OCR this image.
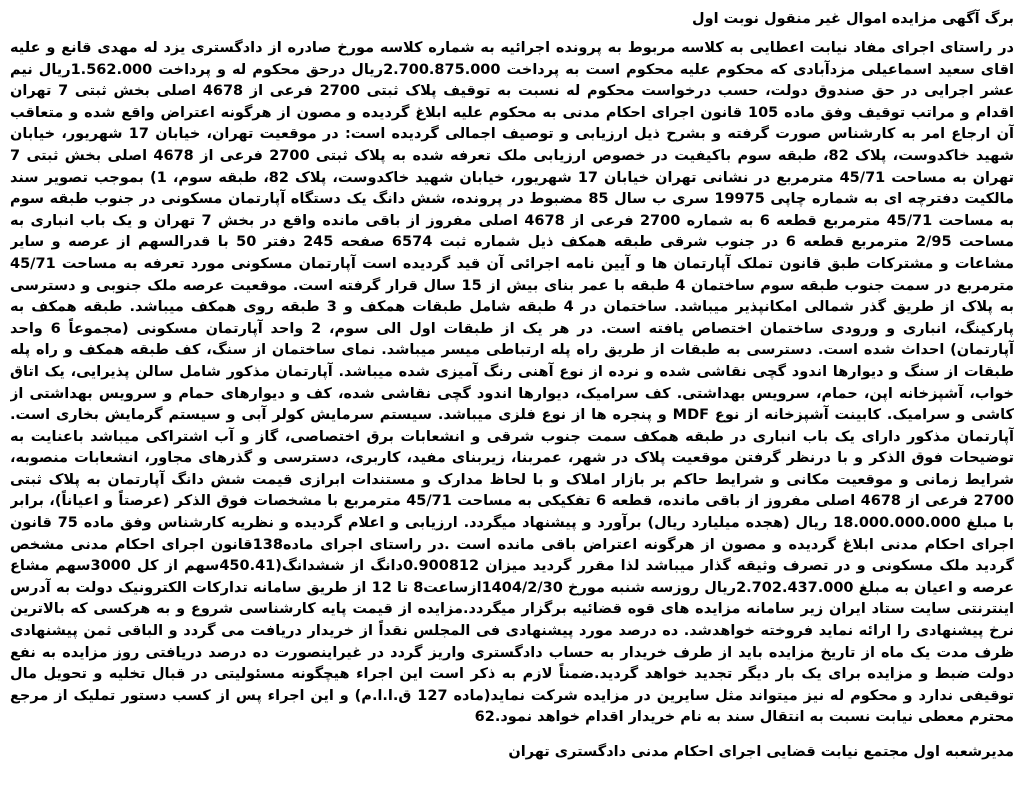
برگ آگهی مزایده اموال غیر منقول نوبت اول

در راستای اجرای مفاد نیابت اعطایی به کلاسه مربوط به پرونده اجرائیه به شماره کلاسه مورخ صادره از دادگستری یزد له مهدی قانع و علیه اقای سعید اسماعیلی مزدآبادی که محکوم علیه محکوم است به پرداخت 2.700.875.000ریال درحق محکوم له و پرداخت 1.562.000ریال نیم عشر اجرایی در حق صندوق دولت، حسب درخواست محکوم له نسبت به توقیف پلاک ثبتی 2700 فرعی از 4678 اصلی بخش ثبتی 7 تهران اقدام و مراتب توقیف وفق ماده 105 قانون اجرای احکام مدنی به محکوم علیه ابلاغ گردیده و مصون از هرگونه اعتراض واقع شده و متعاقب آن ارجاع امر به کارشناس صورت گرفته و بشرح ذیل ارزیابی و توصیف اجمالی گردیده است: در موقعیت تهران، خیابان 17 شهریور، خیابان شهید خاکدوست، پلاک 82، طبقه سوم باکیفیت در خصوص ارزیابی ملک تعرفه شده به پلاک ثبتی 2700 فرعی از 4678 اصلی بخش ثبتی 7 تهران به مساحت 45/71 مترمربع در نشانی تهران خیابان 17 شهریور، خیابان شهید خاکدوست، پلاک 82، طبقه سوم، 1) بموجب تصویر سند مالکیت دفترچه ای به شماره چاپی 19975 سری ب سال 85 مضبوط در پرونده، شش دانگ یک دستگاه آپارتمان مسکونی در جنوب طبقه سوم به مساحت 45/71 مترمربع قطعه 6 به شماره 2700 فرعی از 4678 اصلی مفروز از باقی مانده واقع در بخش 7 تهران و یک باب انباری به مساحت 2/95 مترمربع قطعه 6 در جنوب شرقی طبقه همکف ذیل شماره ثبت 6574 صفحه 245 دفتر 50 با قدرالسهم از عرصه و سایر مشاعات و مشترکات طبق قانون تملک آپارتمان ها و آیین نامه اجرائی آن قید گردیده است آپارتمان مسکونی مورد تعرفه به مساحت 45/71 مترمربع در سمت جنوب طبقه سوم ساختمان 4 طبقه با عمر بنای بیش از 15 سال قرار گرفته است. موقعیت عرصه ملک جنوبی و دسترسی به پلاک از طریق گذر شمالی امکانپذیر میباشد. ساختمان در 4 طبقه شامل طبقات همکف و 3 طبقه روی همکف میباشد. طبقه همکف به پارکینگ، انباری و ورودی ساختمان اختصاص یافته است. در هر یک از طبقات اول الی سوم، 2 واحد آپارتمان مسکونی (مجموعاً 6 واحد آپارتمان) احداث شده است. دسترسی به طبقات از طریق راه پله ارتباطی میسر میباشد. نمای ساختمان از سنگ، کف طبقه همکف و راه پله طبقات از سنگ و دیوارها اندود گچی نقاشی شده و نرده از نوع آهنی رنگ آمیزی شده میباشد. آپارتمان مذکور شامل سالن پذیرایی، یک اتاق خواب، آشپزخانه اپن، حمام، سرویس بهداشتی. کف سرامیک، دیوارها اندود گچی نقاشی شده، کف و دیوارهای حمام و سرویس بهداشتی از کاشی و سرامیک. کابینت آشپزخانه از نوع MDF و پنجره ها از نوع فلزی میباشد. سیستم سرمایش کولر آبی و سیستم گرمایش بخاری است. آپارتمان مذکور دارای یک باب انباری در طبقه همکف سمت جنوب شرقی و انشعابات برق اختصاصی، گاز و آب اشتراکی میباشد باعنایت به توضیحات فوق الذکر و با درنظر گرفتن موقعیت پلاک در شهر، عمربنا، زیربنای مفید، کاربری، دسترسی و گذرهای مجاور، انشعابات منصوبه، شرایط زمانی و موقعیت مکانی و شرایط حاکم بر بازار املاک و با لحاظ مدارک و مستندات ابرازی قیمت شش دانگ آپارتمان به پلاک ثبتی 2700 فرعی از 4678 اصلی مفروز از باقی مانده، قطعه 6 تفکیکی به مساحت 45/71 مترمربع با مشخصات فوق الذکر (عرصتاً و اعیاناً)، برابر با مبلغ 18.000.000.000 ریال (هجده میلیارد ریال) برآورد و پیشنهاد میگردد. ارزیابی و اعلام گردیده و نظریه کارشناس وفق ماده 75 قانون اجرای احکام مدنی ابلاغ گردیده و مصون از هرگونه اعتراض باقی مانده است .در راستای اجرای ماده138قانون اجرای احکام مدنی مشخص گردید ملک مسکونی و در تصرف وثیقه گذار میباشد لذا مقرر گردید میزان 0.900812دانگ از ششدانگ(450.41سهم از کل 3000سهم مشاع عرصه و اعیان به مبلغ 2.702.437.000ریال روزسه شنبه مورخ 1404/2/30ازساعت8 تا 12 از طریق سامانه تدارکات الکترونیک دولت به آدرس اینترنتی سایت ستاد ایران زیر سامانه مزایده های قوه قضائیه برگزار میگردد.مزایده از قیمت پایه کارشناسی شروع و به هرکسی که بالاترین نرخ پیشنهادی را ارائه نماید فروخته خواهدشد. ده درصد مورد پیشنهادی فی المجلس نقداً از خریدار دریافت می گردد و الباقی ثمن پیشنهادی ظرف مدت یک ماه از تاریخ مزایده باید از طرف خریدار به حساب دادگستری واریز گردد در غیراینصورت ده درصد دریافتی روز مزایده به نفع دولت ضبط و مزایده برای یک بار دیگر تجدید خواهد گردید.ضمناً لازم به ذکر است این اجراء هیچگونه مسئولیتی در قبال تخلیه و تحویل مال توقیفی ندارد و محکوم له نیز میتواند مثل سایرین در مزایده شرکت نماید(ماده 127 ق.ا.ا.م) و این اجراء پس از کسب دستور تملیک از مرجع محترم معطی نیابت نسبت به انتقال سند به نام خریدار اقدام خواهد نمود.62

مدیرشعبه اول مجتمع نیابت قضایی اجرای احکام مدنی دادگستری تهران
